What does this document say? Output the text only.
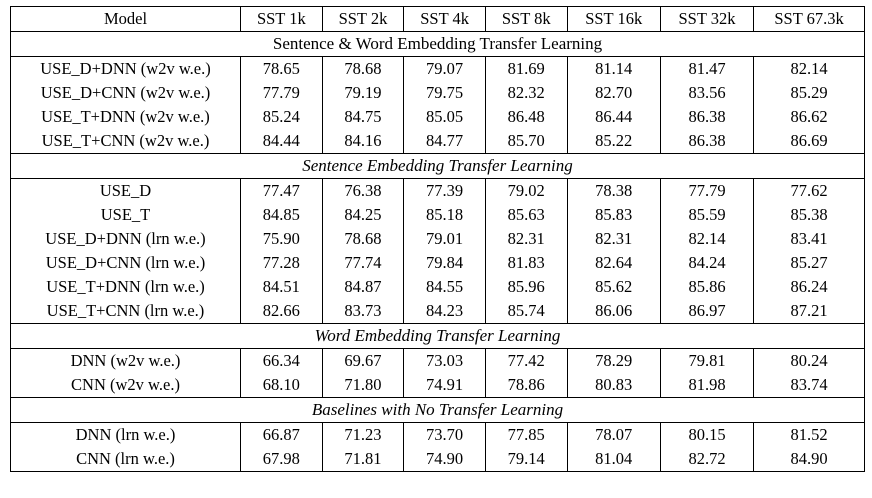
Model	SST 1k	SST 2k	SST 4k	SST 8k	SST 16k	SST 32k	SST 67.3k
Sentence & Word Embedding Transfer Learning							
USE_D+DNN (w2v w.e.)	78.65	78.68	79.07	81.69	81.14	81.47	82.14
USE_D+CNN (w2v w.e.)	77.79	79.19	79.75	82.32	82.70	83.56	85.29
USE_T+DNN (w2v w.e.)	85.24	84.75	85.05	86.48	86.44	86.38	86.62
USE_T+CNN (w2v w.e.)	84.44	84.16	84.77	85.70	85.22	86.38	86.69
Sentence Embedding Transfer Learning							
USE_D	77.47	76.38	77.39	79.02	78.38	77.79	77.62
USE_T	84.85	84.25	85.18	85.63	85.83	85.59	85.38
USE_D+DNN (lrn w.e.)	75.90	78.68	79.01	82.31	82.31	82.14	83.41
USE_D+CNN (lrn w.e.)	77.28	77.74	79.84	81.83	82.64	84.24	85.27
USE_T+DNN (lrn w.e.)	84.51	84.87	84.55	85.96	85.62	85.86	86.24
USE_T+CNN (lrn w.e.)	82.66	83.73	84.23	85.74	86.06	86.97	87.21
Word Embedding Transfer Learning							
DNN (w2v w.e.)	66.34	69.67	73.03	77.42	78.29	79.81	80.24
CNN (w2v w.e.)	68.10	71.80	74.91	78.86	80.83	81.98	83.74
Baselines with No Transfer Learning							
DNN (lrn w.e.)	66.87	71.23	73.70	77.85	78.07	80.15	81.52
CNN (lrn w.e.)	67.98	71.81	74.90	79.14	81.04	82.72	84.90
